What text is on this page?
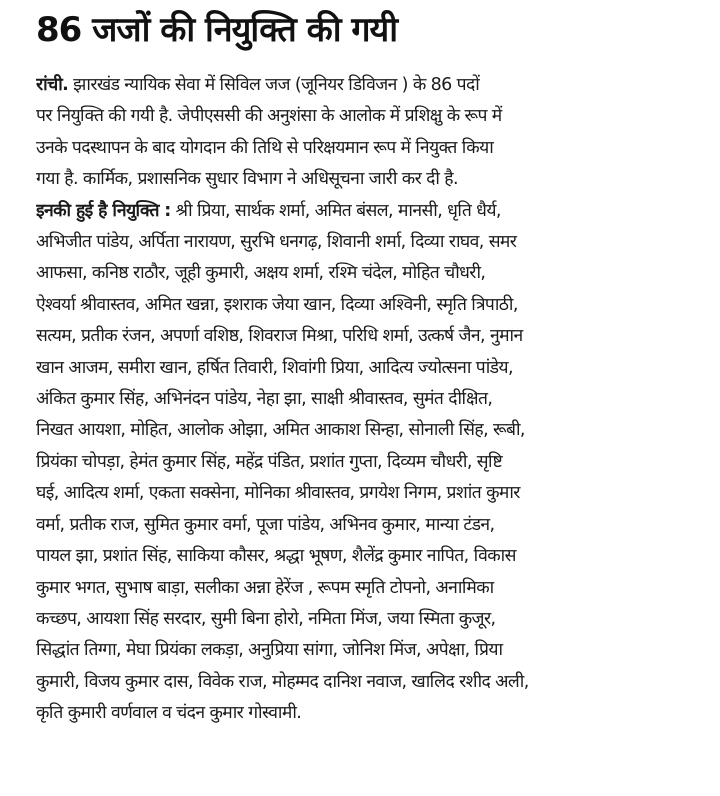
86 जजों की नियुक्ति की गयी
रांची. झारखंड न्यायिक सेवा में सिविल जज (जूनियर डिविजन ) के 86 पदों
पर नियुक्ति की गयी है. जेपीएससी की अनुशंसा के आलोक में प्रशिक्षु के रूप में
उनके पदस्थापन के बाद योगदान की तिथि से परिक्षयमान रूप में नियुक्त किया
गया है. कार्मिक, प्रशासनिक सुधार विभाग ने अधिसूचना जारी कर दी है.
इनकी हुई है नियुक्ति : श्री प्रिया, सार्थक शर्मा, अमित बंसल, मानसी, धृति धैर्य,
अभिजीत पांडेय, अर्पिता नारायण, सुरभि धनगढ़, शिवानी शर्मा, दिव्या राघव, समर
आफसा, कनिष्ठ राठौर, जूही कुमारी, अक्षय शर्मा, रश्मि चंदेल, मोहित चौधरी,
ऐश्वर्या श्रीवास्तव, अमित खन्ना, इशराक जेया खान, दिव्या अश्विनी, स्मृति त्रिपाठी,
सत्यम, प्रतीक रंजन, अपर्णा वशिष्ठ, शिवराज मिश्रा, परिधि शर्मा, उत्कर्ष जैन, नुमान
खान आजम, समीरा खान, हर्षित तिवारी, शिवांगी प्रिया, आदित्य ज्योत्सना पांडेय,
अंकित कुमार सिंह, अभिनंदन पांडेय, नेहा झा, साक्षी श्रीवास्तव, सुमंत दीक्षित,
निखत आयशा, मोहित, आलोक ओझा, अमित आकाश सिन्हा, सोनाली सिंह, रूबी,
प्रियंका चोपड़ा, हेमंत कुमार सिंह, महेंद्र पंडित, प्रशांत गुप्ता, दिव्यम चौधरी, सृष्टि
घई, आदित्य शर्मा, एकता सक्सेना, मोनिका श्रीवास्तव, प्रगयेश निगम, प्रशांत कुमार
वर्मा, प्रतीक राज, सुमित कुमार वर्मा, पूजा पांडेय, अभिनव कुमार, मान्या टंडन,
पायल झा, प्रशांत सिंह, साकिया कौसर, श्रद्धा भूषण, शैलेंद्र कुमार नापित, विकास
कुमार भगत, सुभाष बाड़ा, सलीका अन्ना हेरेंज , रूपम स्मृति टोपनो, अनामिका
कच्छप, आयशा सिंह सरदार, सुमी बिना होरो, नमिता मिंज, जया स्मिता कुजूर,
सिद्धांत तिग्गा, मेघा प्रियंका लकड़ा, अनुप्रिया सांगा, जोनिश मिंज, अपेक्षा, प्रिया
कुमारी, विजय कुमार दास, विवेक राज, मोहम्मद दानिश नवाज, खालिद रशीद अली,
कृति कुमारी वर्णवाल व चंदन कुमार गोस्वामी.
